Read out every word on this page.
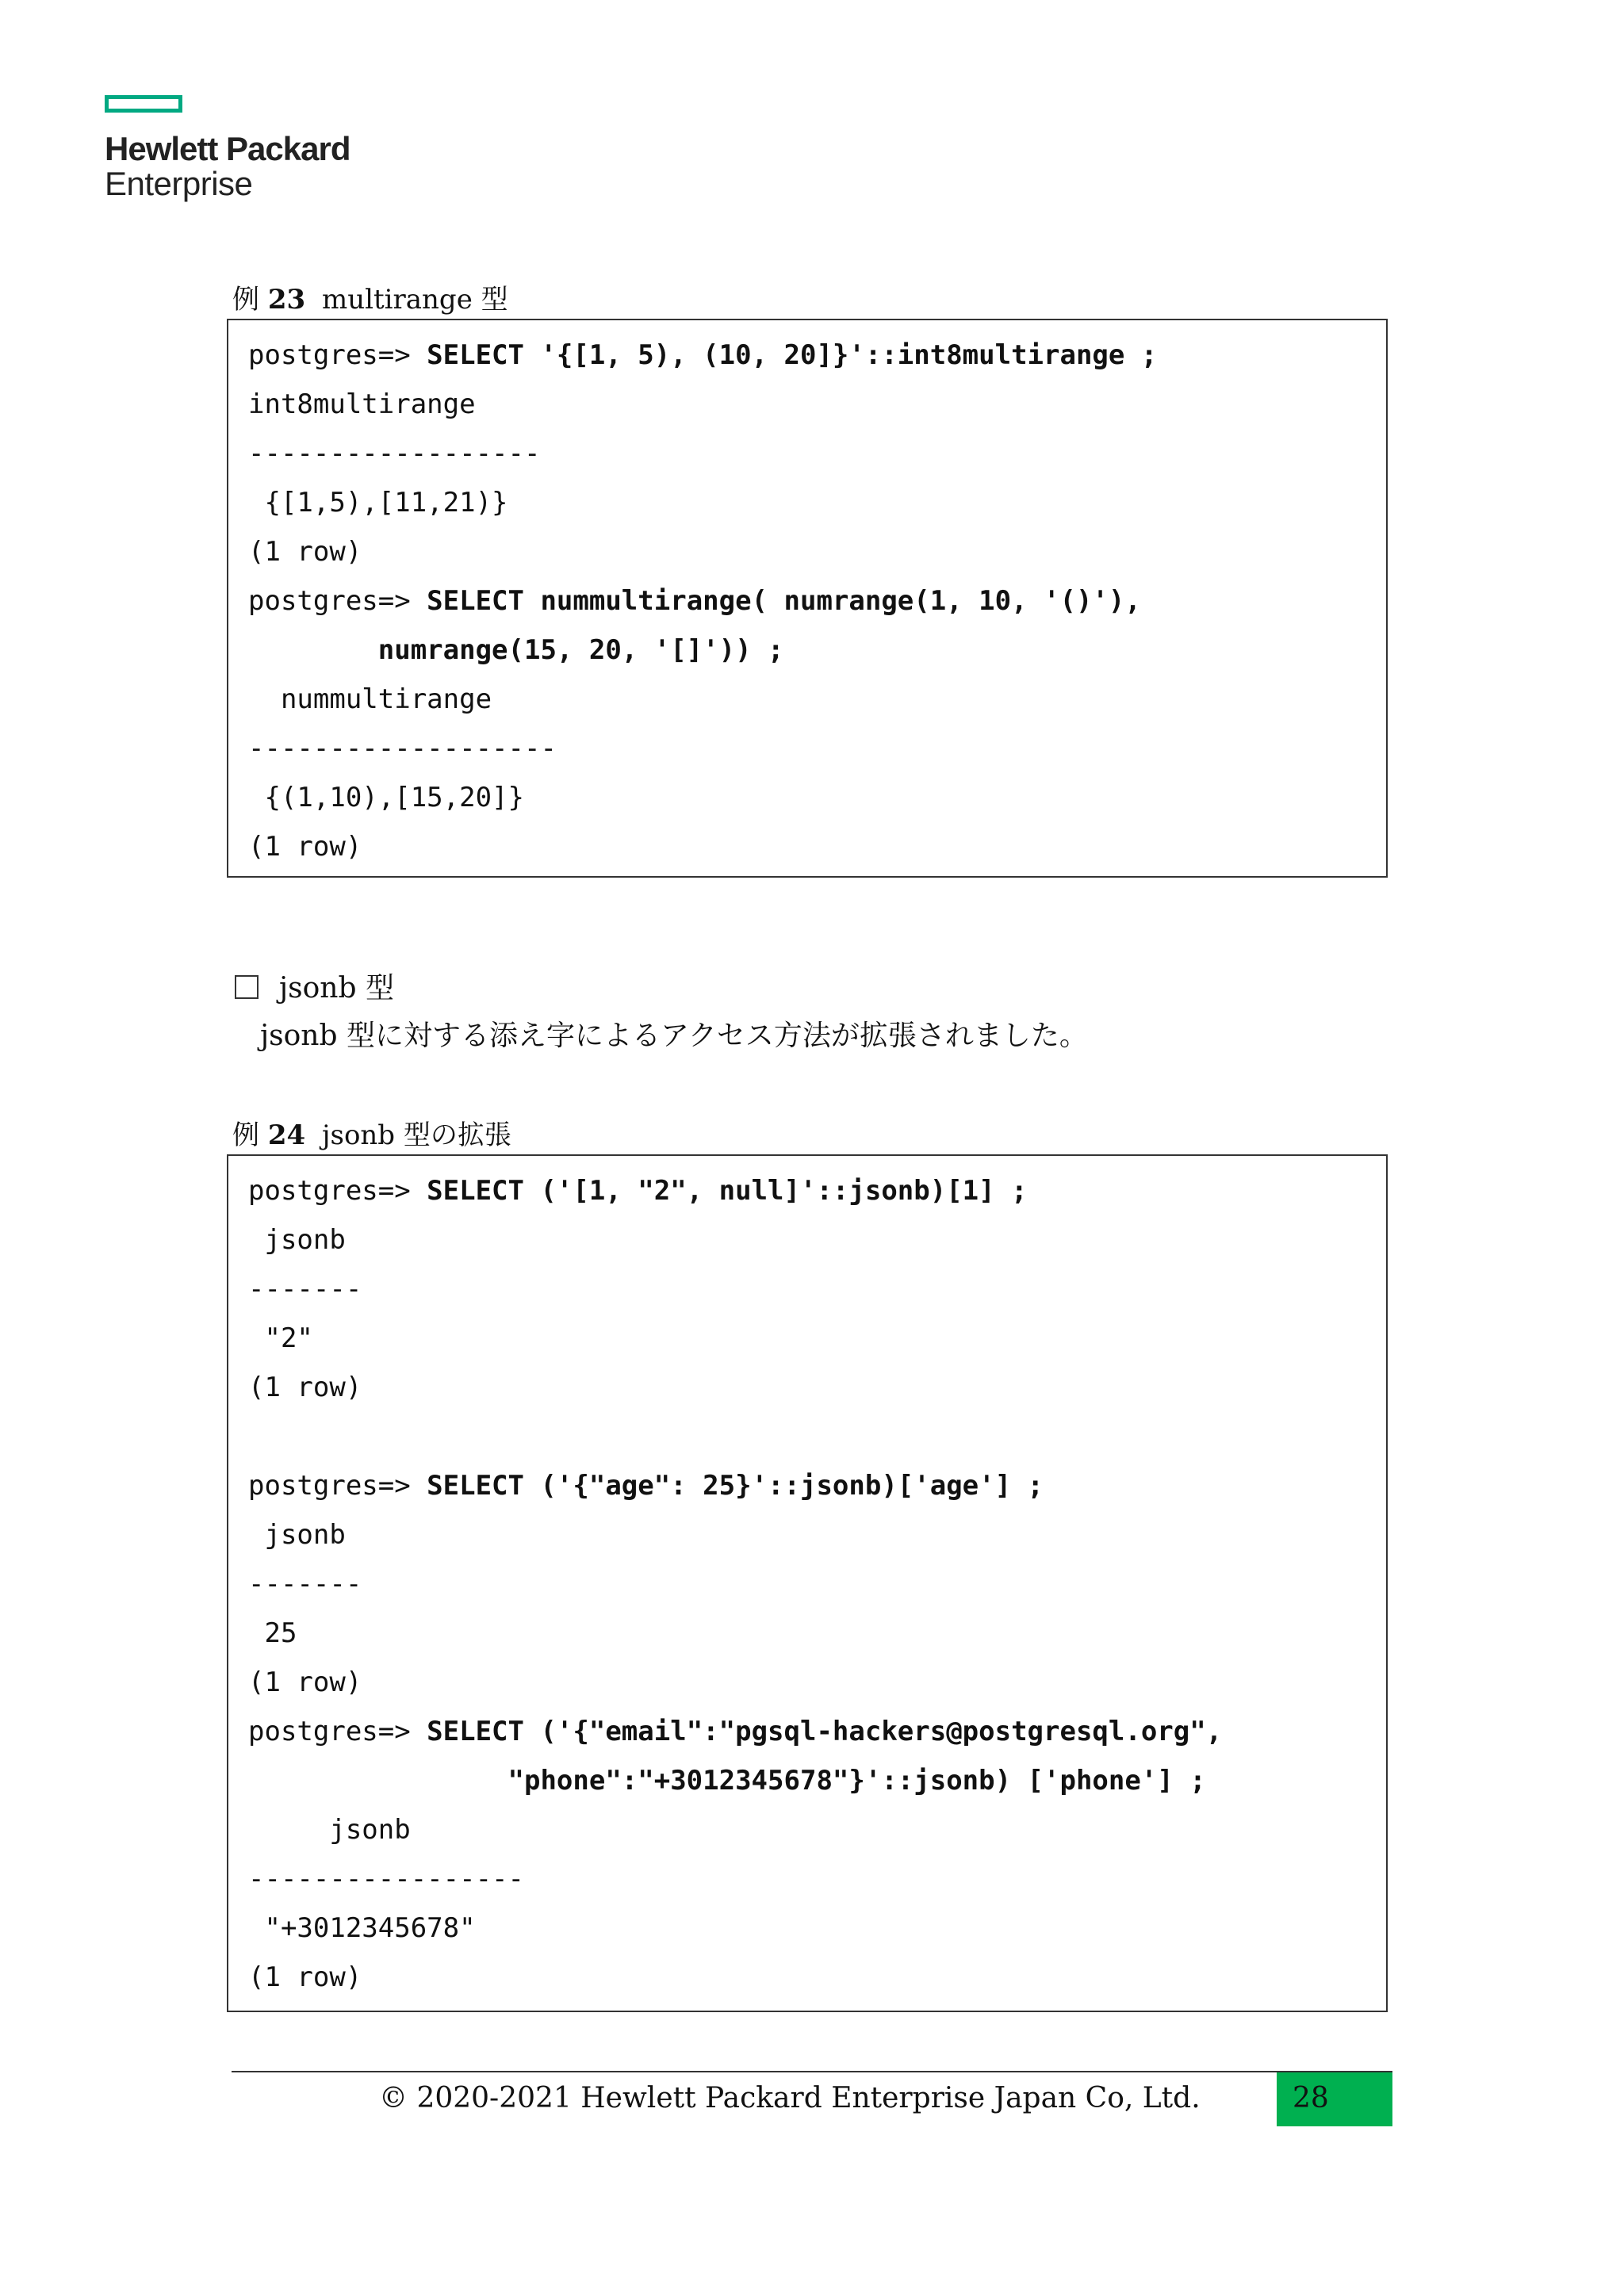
Hewlett Packard
Enterprise
例 23 multirange 型
postgres=> SELECT '{[1, 5), (10, 20]}'::int8multirange ;
int8multirange
------------------
{[1,5),[11,21)}
(1 row)
postgres=> SELECT nummultirange( numrange(1, 10, '()'),
numrange(15, 20, '[]')) ;
nummultirange
-------------------
{(1,10),[15,20]}
(1 row)
jsonb 型
jsonb 型に対する添え字によるアクセス方法が拡張されました。
例 24 jsonb 型の拡張
postgres=> SELECT ('[1, "2", null]'::jsonb)[1] ;
jsonb
-------
"2"
(1 row)
postgres=> SELECT ('{"age": 25}'::jsonb)['age'] ;
jsonb
-------
25
(1 row)
postgres=> SELECT ('{"email":"pgsql-hackers@postgresql.org",
"phone":"+3012345678"}'::jsonb) ['phone'] ;
jsonb
-----------------
"+3012345678"
(1 row)
© 2020-2021 Hewlett Packard Enterprise Japan Co, Ltd.	28
